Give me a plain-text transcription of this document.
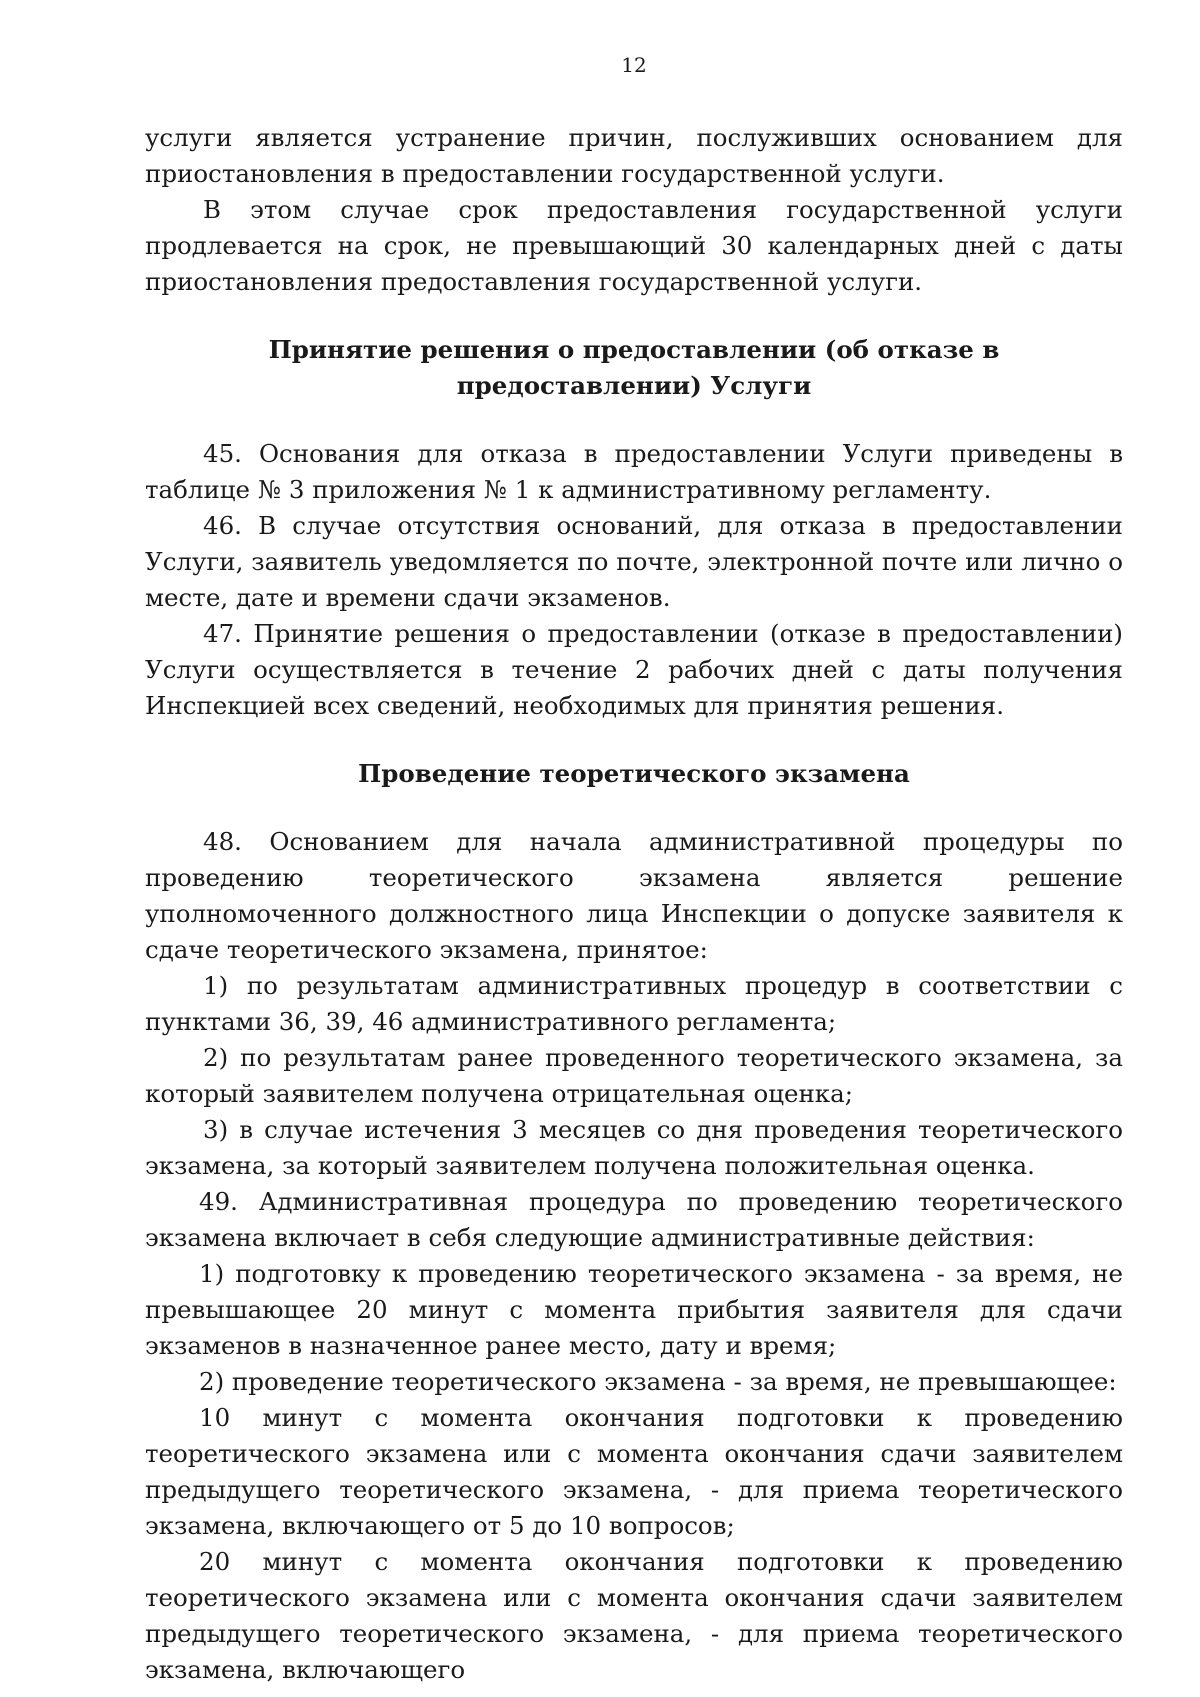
12

услуги является устранение причин, послуживших основанием для приостановления в предоставлении государственной услуги.

В этом случае срок предоставления государственной услуги продлевается на срок, не превышающий 30 календарных дней с даты приостановления предоставления государственной услуги.

Принятие решения о предоставлении (об отказе в предоставлении) Услуги

45. Основания для отказа в предоставлении Услуги приведены в таблице № 3 приложения № 1 к административному регламенту.

46. В случае отсутствия оснований, для отказа в предоставлении Услуги, заявитель уведомляется по почте, электронной почте или лично о месте, дате и времени сдачи экзаменов.

47. Принятие решения о предоставлении (отказе в предоставлении) Услуги осуществляется в течение 2 рабочих дней с даты получения Инспекцией всех сведений, необходимых для принятия решения.

Проведение теоретического экзамена

48. Основанием для начала административной процедуры по проведению теоретического экзамена является решение уполномоченного должностного лица Инспекции о допуске заявителя к сдаче теоретического экзамена, принятое:

1) по результатам административных процедур в соответствии с пунктами 36, 39, 46 административного регламента;

2) по результатам ранее проведенного теоретического экзамена, за который заявителем получена отрицательная оценка;

3) в случае истечения 3 месяцев со дня проведения теоретического экзамена, за который заявителем получена положительная оценка.

49. Административная процедура по проведению теоретического экзамена включает в себя следующие административные действия:

1) подготовку к проведению теоретического экзамена - за время, не превышающее 20 минут с момента прибытия заявителя для сдачи экзаменов в назначенное ранее место, дату и время;

2) проведение теоретического экзамена - за время, не превышающее:

10 минут с момента окончания подготовки к проведению теоретического экзамена или с момента окончания сдачи заявителем предыдущего теоретического экзамена, - для приема теоретического экзамена, включающего от 5 до 10 вопросов;

20 минут с момента окончания подготовки к проведению теоретического экзамена или с момента окончания сдачи заявителем предыдущего теоретического экзамена, - для приема теоретического экзамена, включающего
